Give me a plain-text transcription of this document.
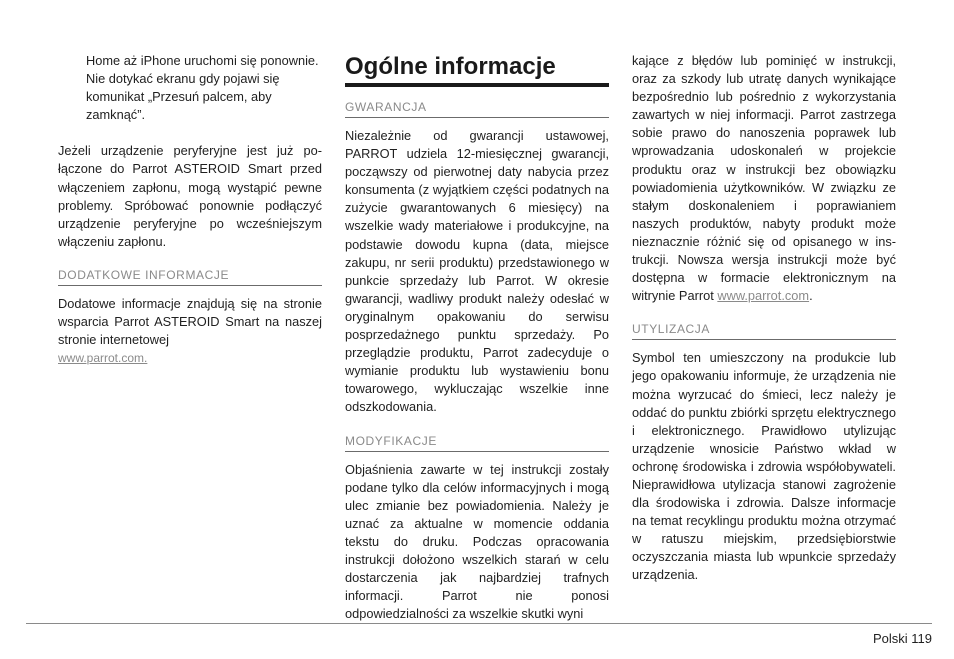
Home aż iPhone uruchomi się ponownie. Nie dotykać ekranu gdy pojawi się komunikat „Przesuń palcem, aby zamknąć”.

Jeżeli urządzenie peryferyjne jest już połączone do Parrot ASTEROID Smart przed włączeniem zapłonu, mogą wystąpić pewne problemy. Spróbować ponownie podłączyć urządzenie peryferyjne po wcześniejszym włączeniu zapłonu.

DODATKOWE INFORMACJE

Dodatowe informacje znajdują się na stronie wsparcia Parrot ASTEROID Smart na naszej stronie internetowej

www.parrot.com.

Ogólne informacje
GWARANCJA

Niezależnie od gwarancji ustawowej, PARROT udziela 12-miesięcznej gwarancji, począwszy od pierwotnej daty nabycia przez konsumenta (z wyjątkiem części podatnych na zużycie gwarantowanych 6 miesięcy) na wszelkie wady materiałowe i produkcyjne, na podstawie dowodu kupna (data, miejsce zakupu, nr serii produktu) przedstawionego w punkcie sprzedaży lub Parrot. W okresie gwarancji, wadliwy produkt należy odesłać w oryginalnym opakowaniu do serwisu posprzedażnego punktu sprzedaży. Po przeglądzie produktu, Parrot zadecyduje o wymianie produktu lub wystawieniu bonu towarowego, wykluczając wszelkie inne odszkodowania.

MODYFIKACJE

Objaśnienia zawarte w tej instrukcji zostały podane tylko dla celów informacyjnych i mogą ulec zmianie bez powiadomienia. Należy je uznać za aktualne w momencie oddania tekstu do druku. Podczas opracowania instrukcji dołożono wszelkich starań w celu dostarczenia jak najbardziej trafnych informacji. Parrot nie ponosi odpowiedzialności za wszelkie skutki wyni

kające z błędów lub pominięć w instrukcji, oraz za szkody lub utratę danych wynikające bezpośrednio lub pośrednio z wykorzystania zawartych w niej informacji. Parrot zastrzega sobie prawo do nanoszenia poprawek lub wprowadzania udoskonaleń w projekcie produktu oraz w instrukcji bez obowiązku powiadomienia użytkowników. W związku ze stałym doskonaleniem i poprawianiem naszych produktów, nabyty produkt może nieznacznie różnić się od opisanego w instrukcji. Nowsza wersja instrukcji może być dostępna w formacie elektronicznym na witrynie Parrot www.parrot.com.

UTYLIZACJA

Symbol ten umieszczony na produkcie lub jego opakowaniu informuje, że urządzenia nie można wyrzucać do śmieci, lecz należy je oddać do punktu zbiórki sprzętu elektrycznego i elektronicznego. Prawidłowo utylizując urządzenie wnosicie Państwo wkład w ochronę środowiska i zdrowia współobywateli. Nieprawidłowa utylizacja stanowi zagrożenie dla środowiska i zdrowia. Dalsze informacje na temat recyklingu produktu można otrzymać w ratuszu miejskim, przedsiębiorstwie oczyszczania miasta lub wpunkcie sprzedaży urządzenia.

Polski 119
